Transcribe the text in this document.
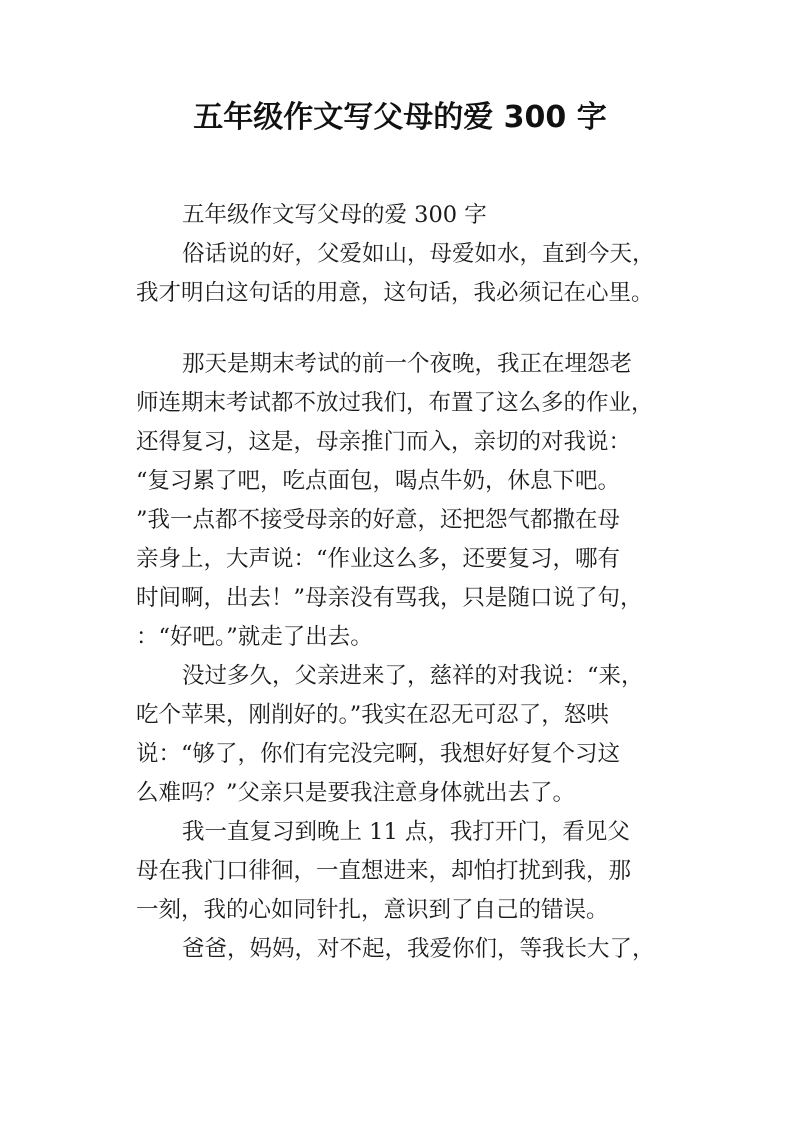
五年级作文写父母的爱 300 字
五年级作文写父母的爱 300 字
俗话说的好，父爱如山，母爱如水，直到今天，
我才明白这句话的用意，这句话，我必须记在心里。
那天是期末考试的前一个夜晚，我正在埋怨老
师连期末考试都不放过我们，布置了这么多的作业，
还得复习，这是，母亲推门而入，亲切的对我说：
“复习累了吧，吃点面包，喝点牛奶，休息下吧。
”我一点都不接受母亲的好意，还把怨气都撒在母
亲身上，大声说：“作业这么多，还要复习，哪有
时间啊，出去！”母亲没有骂我，只是随口说了句，
：“好吧。”就走了出去。
没过多久，父亲进来了，慈祥的对我说：“来，
吃个苹果，刚削好的。”我实在忍无可忍了，怒哄
说：“够了，你们有完没完啊，我想好好复个习这
么难吗？”父亲只是要我注意身体就出去了。
我一直复习到晚上 11 点，我打开门，看见父
母在我门口徘徊，一直想进来，却怕打扰到我，那
一刻，我的心如同针扎，意识到了自己的错误。
爸爸，妈妈，对不起，我爱你们，等我长大了，
